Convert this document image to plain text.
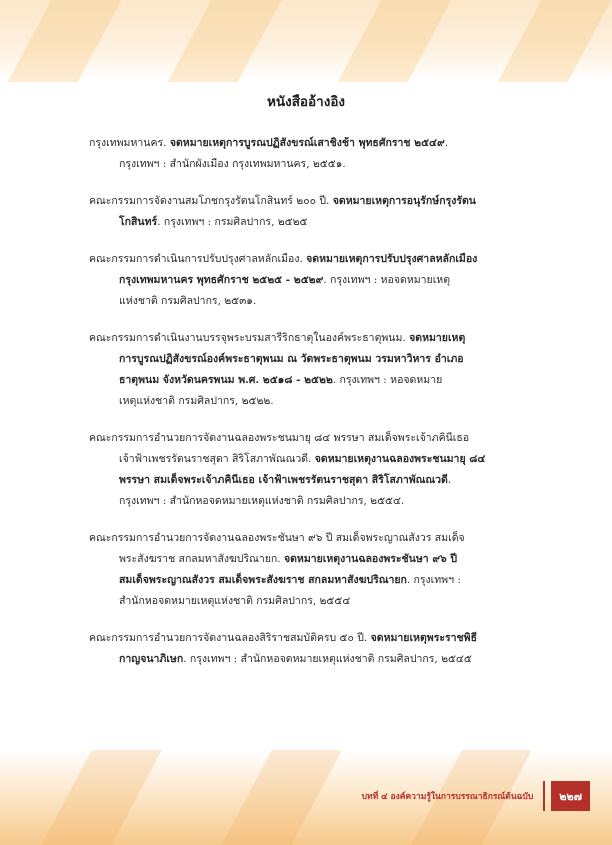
หนังสืออ้างอิง
กรุงเทพมหานคร. จดหมายเหตุการบูรณปฏิสังขรณ์เสาชิงช้า พุทธศักราช ๒๕๔๙.
กรุงเทพฯ : สำนักผังเมือง กรุงเทพมหานคร, ๒๕๕๑.
คณะกรรมการจัดงานสมโภชกรุงรัตนโกสินทร์ ๒๐๐ ปี. จดหมายเหตุการอนุรักษ์กรุงรัตน
โกสินทร์. กรุงเทพฯ : กรมศิลปากร, ๒๕๒๕
คณะกรรมการดำเนินการปรับปรุงศาลหลักเมือง. จดหมายเหตุการปรับปรุงศาลหลักเมือง
กรุงเทพมหานคร พุทธศักราช ๒๕๒๕ - ๒๕๒๙. กรุงเทพฯ : หอจดหมายเหตุ
แห่งชาติ กรมศิลปากร, ๒๕๓๑.
คณะกรรมการดำเนินงานบรรจุพระบรมสารีริกธาตุในองค์พระธาตุพนม. จดหมายเหตุ
การบูรณปฏิสังขรณ์องค์พระธาตุพนม ณ วัดพระธาตุพนม วรมหาวิหาร อำเภอ
ธาตุพนม จังหวัดนครพนม พ.ศ. ๒๕๑๘ - ๒๕๒๒. กรุงเทพฯ : หอจดหมาย
เหตุแห่งชาติ กรมศิลปากร, ๒๕๒๒.
คณะกรรมการอำนวยการจัดงานฉลองพระชนมายุ ๘๔ พรรษา สมเด็จพระเจ้าภคินีเธอ
เจ้าฟ้าเพชรรัตนราชสุดา สิริโสภาพัณณวดี. จดหมายเหตุงานฉลองพระชนมายุ ๘๔
พรรษา สมเด็จพระเจ้าภคินีเธอ เจ้าฟ้าเพชรรัตนราชสุดา สิริโสภาพัณณวดี.
กรุงเทพฯ : สำนักหอจดหมายเหตุแห่งชาติ กรมศิลปากร, ๒๕๕๔.
คณะกรรมการอำนวยการจัดงานฉลองพระชันษา ๙๖ ปี สมเด็จพระญาณสังวร สมเด็จ
พระสังฆราช สกลมหาสังฆปริณายก. จดหมายเหตุงานฉลองพระชันษา ๙๖ ปี
สมเด็จพระญาณสังวร สมเด็จพระสังฆราช สกลมหาสังฆปริณายก. กรุงเทพฯ :
สำนักหอจดหมายเหตุแห่งชาติ กรมศิลปากร, ๒๕๕๔
คณะกรรมการอำนวยการจัดงานฉลองสิริราชสมบัติครบ ๕๐ ปี. จดหมายเหตุพระราชพิธี
กาญจนาภิเษก. กรุงเทพฯ : สำนักหอจดหมายเหตุแห่งชาติ กรมศิลปากร, ๒๕๔๕
บทที่ ๔ องค์ความรู้ในการบรรณาธิกรณ์ต้นฉบับ	๒๒๗
